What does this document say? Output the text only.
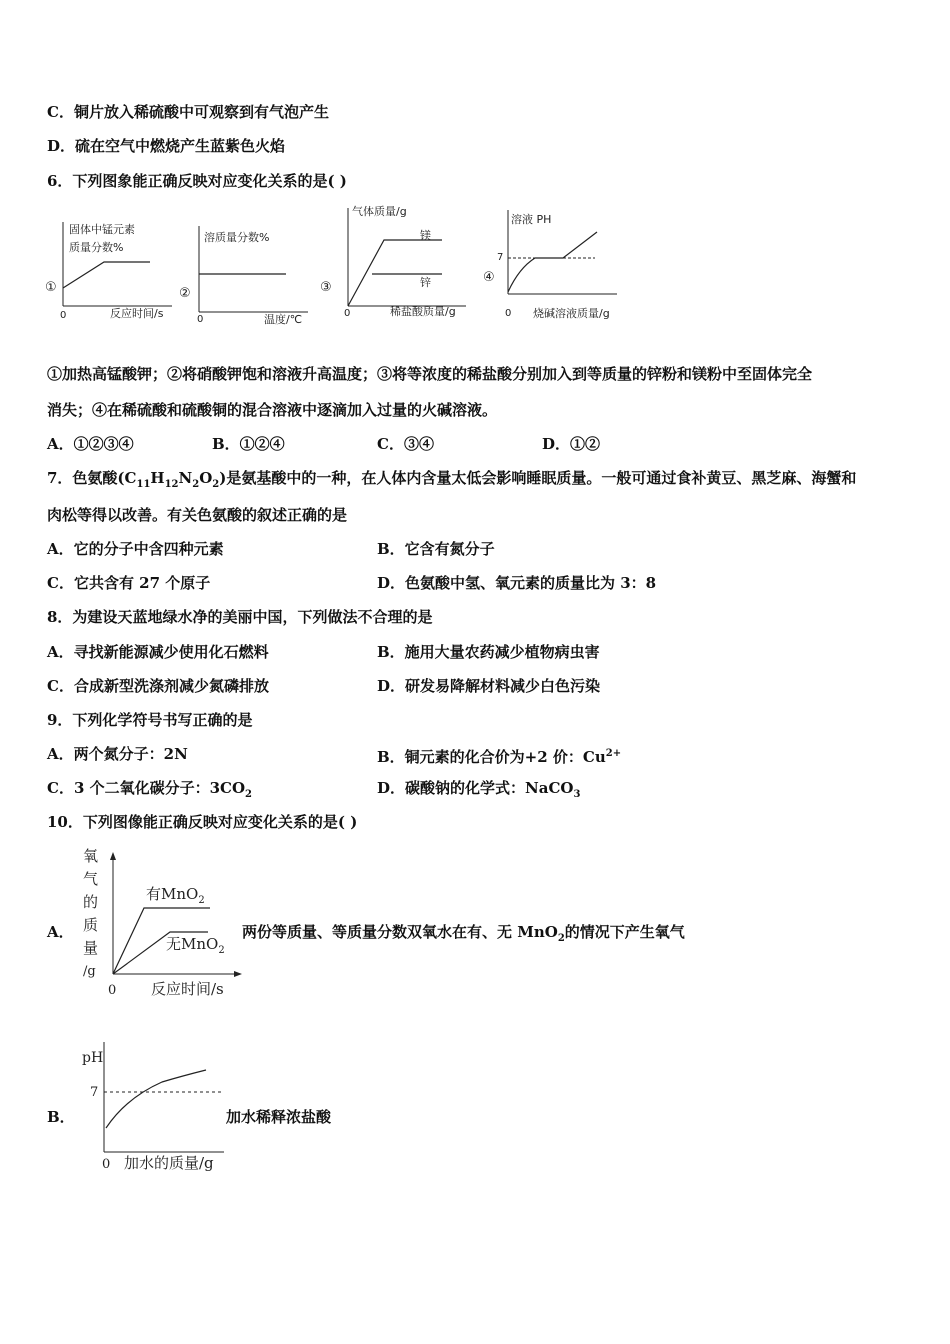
C．铜片放入稀硫酸中可观察到有气泡产生
D．硫在空气中燃烧产生蓝紫色火焰
6．下列图象能正确反映对应变化关系的是( )
①
固体中锰元素
质量分数%
0	反应时间/s
②
溶质量分数%
0	温度/℃
③
气体质量/g
镁
锌
0	稀盐酸质量/g
④
溶液 PH
7
0 烧碱溶液质量/g
①加热高锰酸钾；②将硝酸钾饱和溶液升高温度；③将等浓度的稀盐酸分别加入到等质量的锌粉和镁粉中至固体完全
消失；④在稀硫酸和硫酸铜的混合溶液中逐滴加入过量的火碱溶液。
A．①②③④	B．①②④	C．③④	D．①②
7．色氨酸$(C_{11}H_{12}N_2O_2)$是氨基酸中的一种，在人体内含量太低会影响睡眠质量。一般可通过食补黄豆、黑芝麻、海蟹和
肉松等得以改善。有关色氨酸的叙述正确的是
A．它的分子中含四种元素	B．它含有氮分子
C．它共含有 27 个原子	D．色氨酸中氢、氧元素的质量比为 3：8
8．为建设天蓝地绿水净的美丽中国，下列做法不合理的是
A．寻找新能源减少使用化石燃料	B．施用大量农药减少植物病虫害
C．合成新型洗涤剂减少氮磷排放	D．研发易降解材料减少白色污染
9．下列化学符号书写正确的是
A．两个氮分子：2N	B．铜元素的化合价为+2 价：$Cu^{2+}$
C．3 个二氧化碳分子：$3CO_2$	D．碳酸钠的化学式：NaCO$_3$
10．下列图像能正确反映对应变化关系的是( )
A．
氧
气
的
质
量
/g
有MnO$_2$
无MnO$_2$
0 反应时间/s
两份等质量、等质量分数双氧水在有、无 MnO$_2$的情况下产生氧气
B．
pH
7
0 加水的质量/g
加水稀释浓盐酸
